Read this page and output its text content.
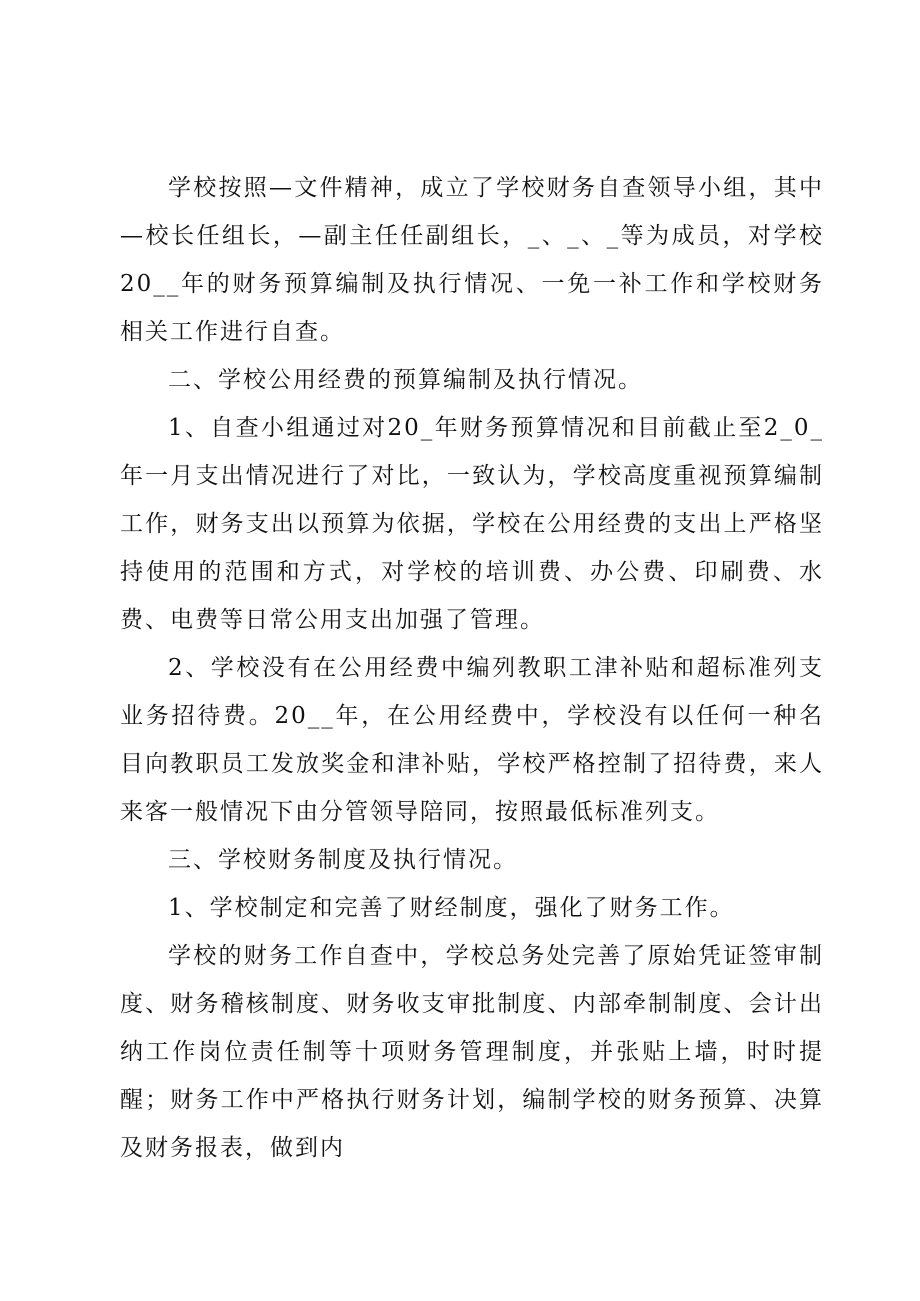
学校按照—文件精神，成立了学校财务自查领导小组，其中—校长任组长，—副主任任副组长，_、_、_等为成员，对学校20__年的财务预算编制及执行情况、一免一补工作和学校财务相关工作进行自查。

二、学校公用经费的预算编制及执行情况。

1、自查小组通过对20_年财务预算情况和目前截止至2_0_年一月支出情况进行了对比，一致认为，学校高度重视预算编制工作，财务支出以预算为依据，学校在公用经费的支出上严格坚持使用的范围和方式，对学校的培训费、办公费、印刷费、水费、电费等日常公用支出加强了管理。

2、学校没有在公用经费中编列教职工津补贴和超标准列支业务招待费。20__年，在公用经费中，学校没有以任何一种名目向教职员工发放奖金和津补贴，学校严格控制了招待费，来人来客一般情况下由分管领导陪同，按照最低标准列支。

三、学校财务制度及执行情况。

1、学校制定和完善了财经制度，强化了财务工作。

学校的财务工作自查中，学校总务处完善了原始凭证签审制度、财务稽核制度、财务收支审批制度、内部牵制制度、会计出纳工作岗位责任制等十项财务管理制度，并张贴上墙，时时提醒；财务工作中严格执行财务计划，编制学校的财务预算、决算及财务报表，做到内
